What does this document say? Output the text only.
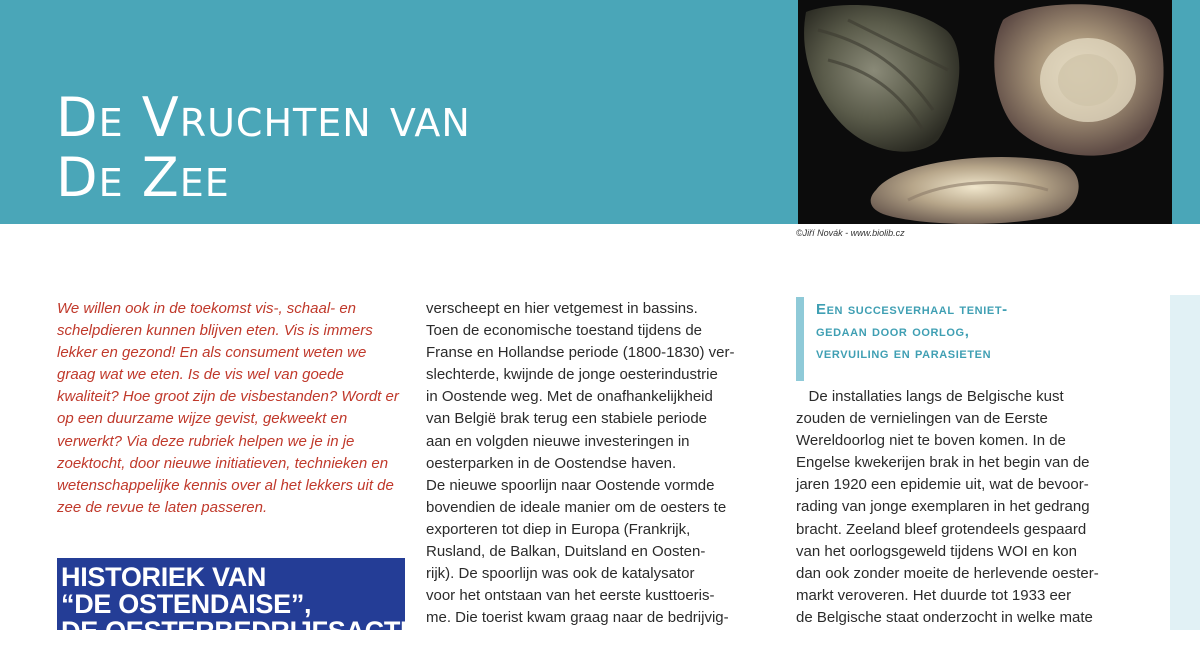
De Vruchten van
De Zee
©Jiří Novák - www.biolib.cz

We willen ook in de toekomst vis-, schaal- en schelpdieren kunnen blijven eten. Vis is immers lekker en gezond! En als consument weten we graag wat we eten. Is de vis wel van goede kwaliteit? Hoe groot zijn de visbestanden? Wordt er op een duurzame wijze gevist, gekweekt en verwerkt? Via deze rubriek helpen we je in je zoektocht, door nieuwe initiatieven, technieken en wetenschappelijke kennis over al het lekkers uit de zee de revue te laten passeren.

HISTORIEK VAN
“DE OSTENDAISE”,
DE OESTERBEDRIJFSACTIVITEIT
verscheept en hier vetgemest in bassins.
Toen de economische toestand tijdens de
Franse en Hollandse periode (1800-1830) ver-
slechterde, kwijnde de jonge oesterindustrie
in Oostende weg. Met de onafhankelijkheid
van België brak terug een stabiele periode
aan en volgden nieuwe investeringen in
oesterparken in de Oostendse haven.
De nieuwe spoorlijn naar Oostende vormde
bovendien de ideale manier om de oesters te
exporteren tot diep in Europa (Frankrijk,
Rusland, de Balkan, Duitsland en Oosten-
rijk). De spoorlijn was ook de katalysator
voor het ontstaan van het eerste kusttoeris-
me. Die toerist kwam graag naar de bedrijvig-
Een succesverhaal teniet-
gedaan door oorlog,
vervuiling en parasieten
De installaties langs de Belgische kust
zouden de vernielingen van de Eerste
Wereldoorlog niet te boven komen. In de
Engelse kwekerijen brak in het begin van de
jaren 1920 een epidemie uit, wat de bevoor-
rading van jonge exemplaren in het gedrang
bracht. Zeeland bleef grotendeels gespaard
van het oorlogsgeweld tijdens WOI en kon
dan ook zonder moeite de herlevende oester-
markt veroveren. Het duurde tot 1933 eer
de Belgische staat onderzocht in welke mate
